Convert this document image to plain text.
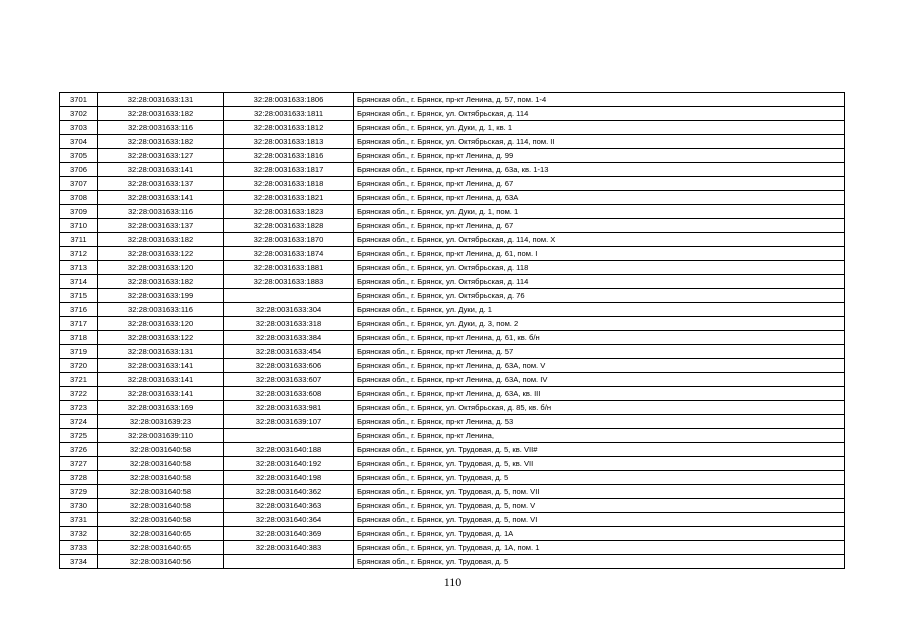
3701	32:28:0031633:131	32:28:0031633:1806	Брянская обл., г. Брянск, пр-кт Ленина, д. 57, пом. 1-4
3702	32:28:0031633:182	32:28:0031633:1811	Брянская обл., г. Брянск, ул. Октябрьская, д. 114
3703	32:28:0031633:116	32:28:0031633:1812	Брянская обл., г. Брянск, ул. Дуки, д. 1, кв. 1
3704	32:28:0031633:182	32:28:0031633:1813	Брянская обл., г. Брянск, ул. Октябрьская, д. 114, пом. II
3705	32:28:0031633:127	32:28:0031633:1816	Брянская обл., г. Брянск, пр-кт Ленина, д. 99
3706	32:28:0031633:141	32:28:0031633:1817	Брянская обл., г. Брянск, пр-кт Ленина, д. 63а, кв. 1-13
3707	32:28:0031633:137	32:28:0031633:1818	Брянская обл., г. Брянск, пр-кт Ленина, д. 67
3708	32:28:0031633:141	32:28:0031633:1821	Брянская обл., г. Брянск, пр-кт Ленина, д. 63А
3709	32:28:0031633:116	32:28:0031633:1823	Брянская обл., г. Брянск, ул. Дуки, д. 1, пом. 1
3710	32:28:0031633:137	32:28:0031633:1828	Брянская обл., г. Брянск, пр-кт Ленина, д. 67
3711	32:28:0031633:182	32:28:0031633:1870	Брянская обл., г. Брянск, ул. Октябрьская, д. 114, пом. X
3712	32:28:0031633:122	32:28:0031633:1874	Брянская обл., г. Брянск, пр-кт Ленина, д. 61, пом. I
3713	32:28:0031633:120	32:28:0031633:1881	Брянская обл., г. Брянск, ул. Октябрьская, д. 118
3714	32:28:0031633:182	32:28:0031633:1883	Брянская обл., г. Брянск, ул. Октябрьская, д. 114
3715	32:28:0031633:199		Брянская обл., г. Брянск, ул. Октябрьская, д. 76
3716	32:28:0031633:116	32:28:0031633:304	Брянская обл., г. Брянск, ул. Дуки, д. 1
3717	32:28:0031633:120	32:28:0031633:318	Брянская обл., г. Брянск, ул. Дуки, д. 3, пом. 2
3718	32:28:0031633:122	32:28:0031633:384	Брянская обл., г. Брянск, пр-кт Ленина, д. 61, кв. б/н
3719	32:28:0031633:131	32:28:0031633:454	Брянская обл., г. Брянск, пр-кт Ленина, д. 57
3720	32:28:0031633:141	32:28:0031633:606	Брянская обл., г. Брянск, пр-кт Ленина, д. 63А, пом. V
3721	32:28:0031633:141	32:28:0031633:607	Брянская обл., г. Брянск, пр-кт Ленина, д. 63А, пом. IV
3722	32:28:0031633:141	32:28:0031633:608	Брянская обл., г. Брянск, пр-кт Ленина, д. 63А, кв. III
3723	32:28:0031633:169	32:28:0031633:981	Брянская обл., г. Брянск, ул. Октябрьская, д. 85, кв. б/н
3724	32:28:0031639:23	32:28:0031639:107	Брянская обл., г. Брянск, пр-кт Ленина, д. 53
3725	32:28:0031639:110		Брянская обл., г. Брянск, пр-кт Ленина,
3726	32:28:0031640:58	32:28:0031640:188	Брянская обл., г. Брянск, ул. Трудовая, д. 5, кв. VII#
3727	32:28:0031640:58	32:28:0031640:192	Брянская обл., г. Брянск, ул. Трудовая, д. 5, кв. VII
3728	32:28:0031640:58	32:28:0031640:198	Брянская обл., г. Брянск, ул. Трудовая, д. 5
3729	32:28:0031640:58	32:28:0031640:362	Брянская обл., г. Брянск, ул. Трудовая, д. 5, пом. VII
3730	32:28:0031640:58	32:28:0031640:363	Брянская обл., г. Брянск, ул. Трудовая, д. 5, пом. V
3731	32:28:0031640:58	32:28:0031640:364	Брянская обл., г. Брянск, ул. Трудовая, д. 5, пом. VI
3732	32:28:0031640:65	32:28:0031640:369	Брянская обл., г. Брянск, ул. Трудовая, д. 1А
3733	32:28:0031640:65	32:28:0031640:383	Брянская обл., г. Брянск, ул. Трудовая, д. 1А, пом. 1
3734	32:28:0031640:56		Брянская обл., г. Брянск, ул. Трудовая, д. 5
110
